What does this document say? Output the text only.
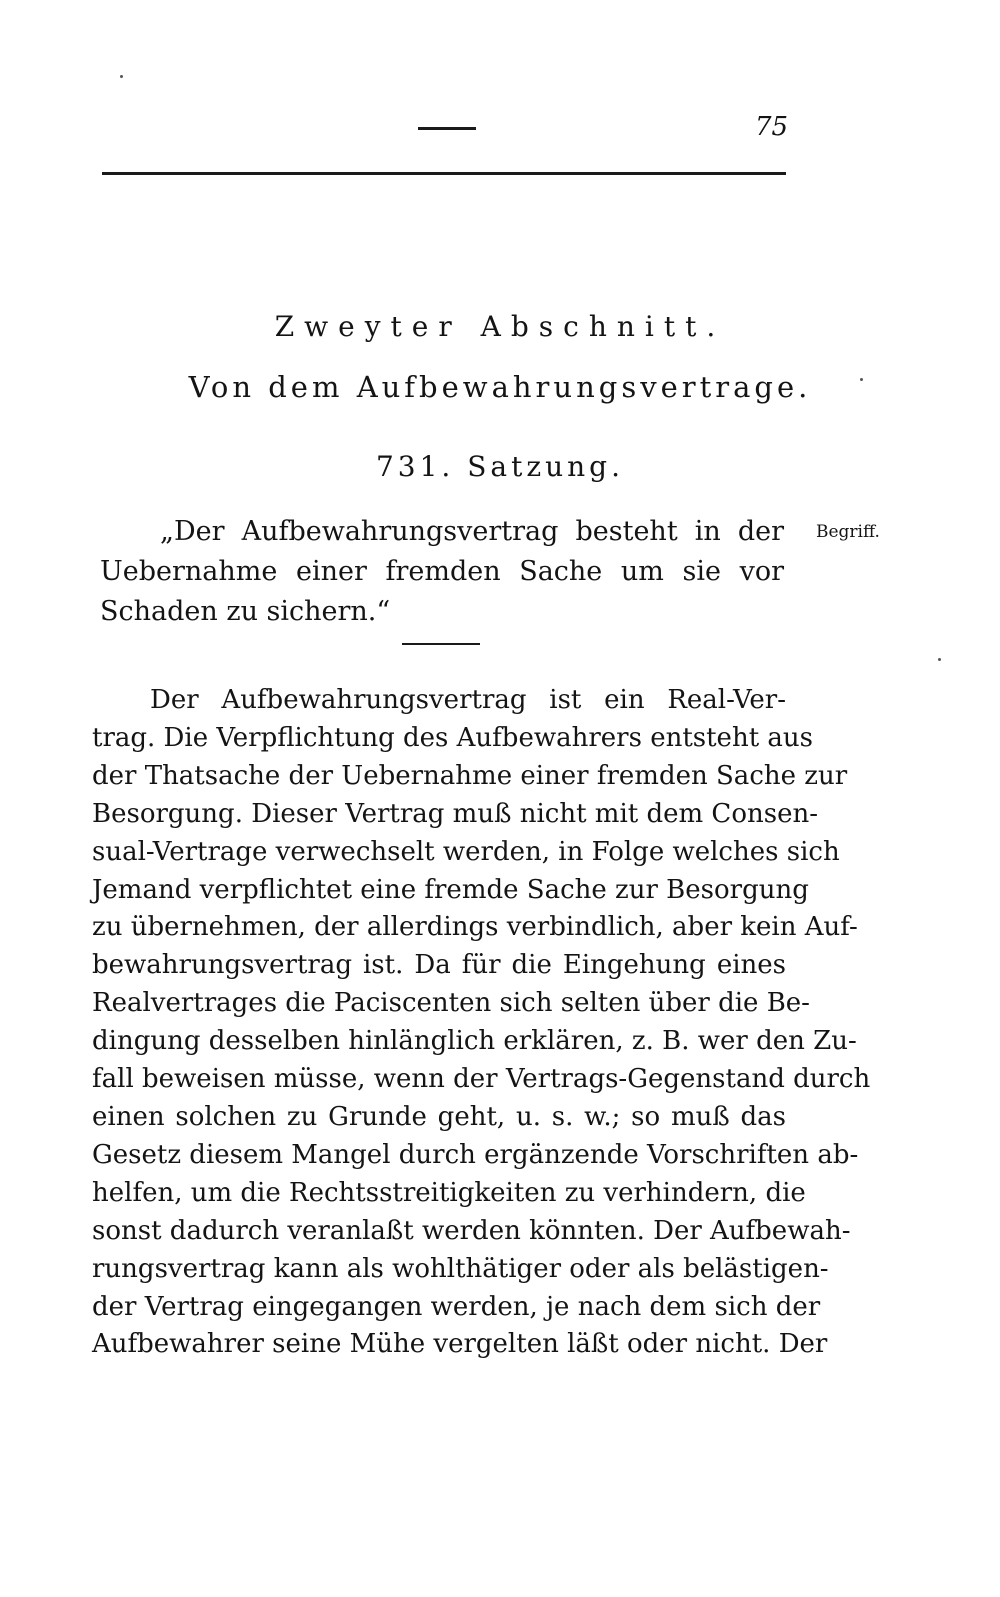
75
Zweyter Abschnitt.
Von dem Aufbewahrungsvertrage.
731. Satzung.

„Der Aufbewahrungsvertrag besteht in der Uebernahme einer fremden Sache um sie vor Schaden zu sichern.“

Begriff.
Der Aufbewahrungsvertrag ist ein Real-Ver-
trag. Die Verpflichtung des Aufbewahrers entsteht aus
der Thatsache der Uebernahme einer fremden Sache zur
Besorgung. Dieser Vertrag muß nicht mit dem Consen-
sual-Vertrage verwechselt werden, in Folge welches sich
Jemand verpflichtet eine fremde Sache zur Besorgung
zu übernehmen, der allerdings verbindlich, aber kein Auf-
bewahrungsvertrag ist. Da für die Eingehung eines
Realvertrages die Paciscenten sich selten über die Be-
dingung desselben hinlänglich erklären, z. B. wer den Zu-
fall beweisen müsse, wenn der Vertrags-Gegenstand durch
einen solchen zu Grunde geht, u. s. w.; so muß das
Gesetz diesem Mangel durch ergänzende Vorschriften ab-
helfen, um die Rechtsstreitigkeiten zu verhindern, die
sonst dadurch veranlaßt werden könnten. Der Aufbewah-
rungsvertrag kann als wohlthätiger oder als belästigen-
der Vertrag eingegangen werden, je nach dem sich der
Aufbewahrer seine Mühe vergelten läßt oder nicht. Der
